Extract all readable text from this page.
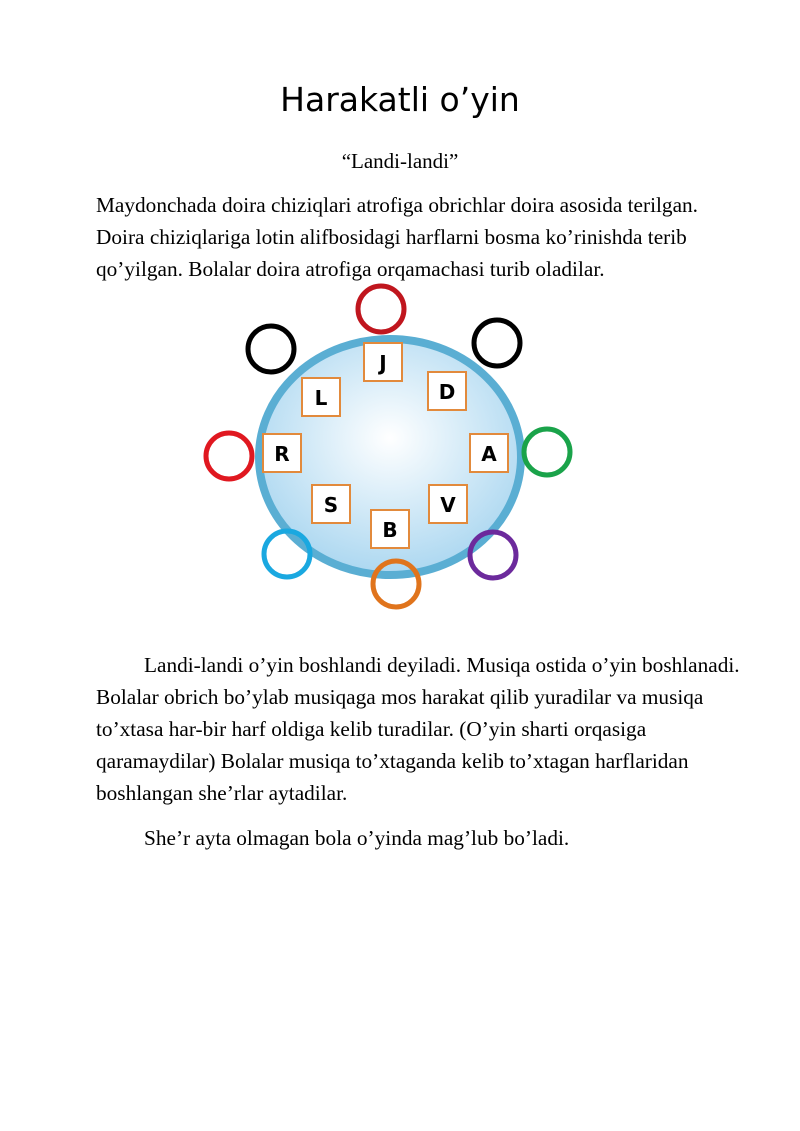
Harakatli o’yin

“Landi-landi”

Maydonchada doira chiziqlari atrofiga obrichlar doira asosida terilgan. Doira chiziqlariga lotin alifbosidagi harflarni bosma ko’rinishda terib qo’yilgan. Bolalar doira atrofiga orqamachasi turib oladilar.

J
D
A
V
B
S
R
L

Landi-landi o’yin boshlandi deyiladi. Musiqa ostida o’yin boshlanadi. Bolalar obrich bo’ylab musiqaga mos harakat qilib yuradilar va musiqa to’xtasa har-bir harf oldiga kelib turadilar. (O’yin sharti orqasiga qaramaydilar) Bolalar musiqa to’xtaganda kelib to’xtagan harflaridan boshlangan she’rlar aytadilar.

She’r ayta olmagan bola o’yinda mag’lub bo’ladi.
